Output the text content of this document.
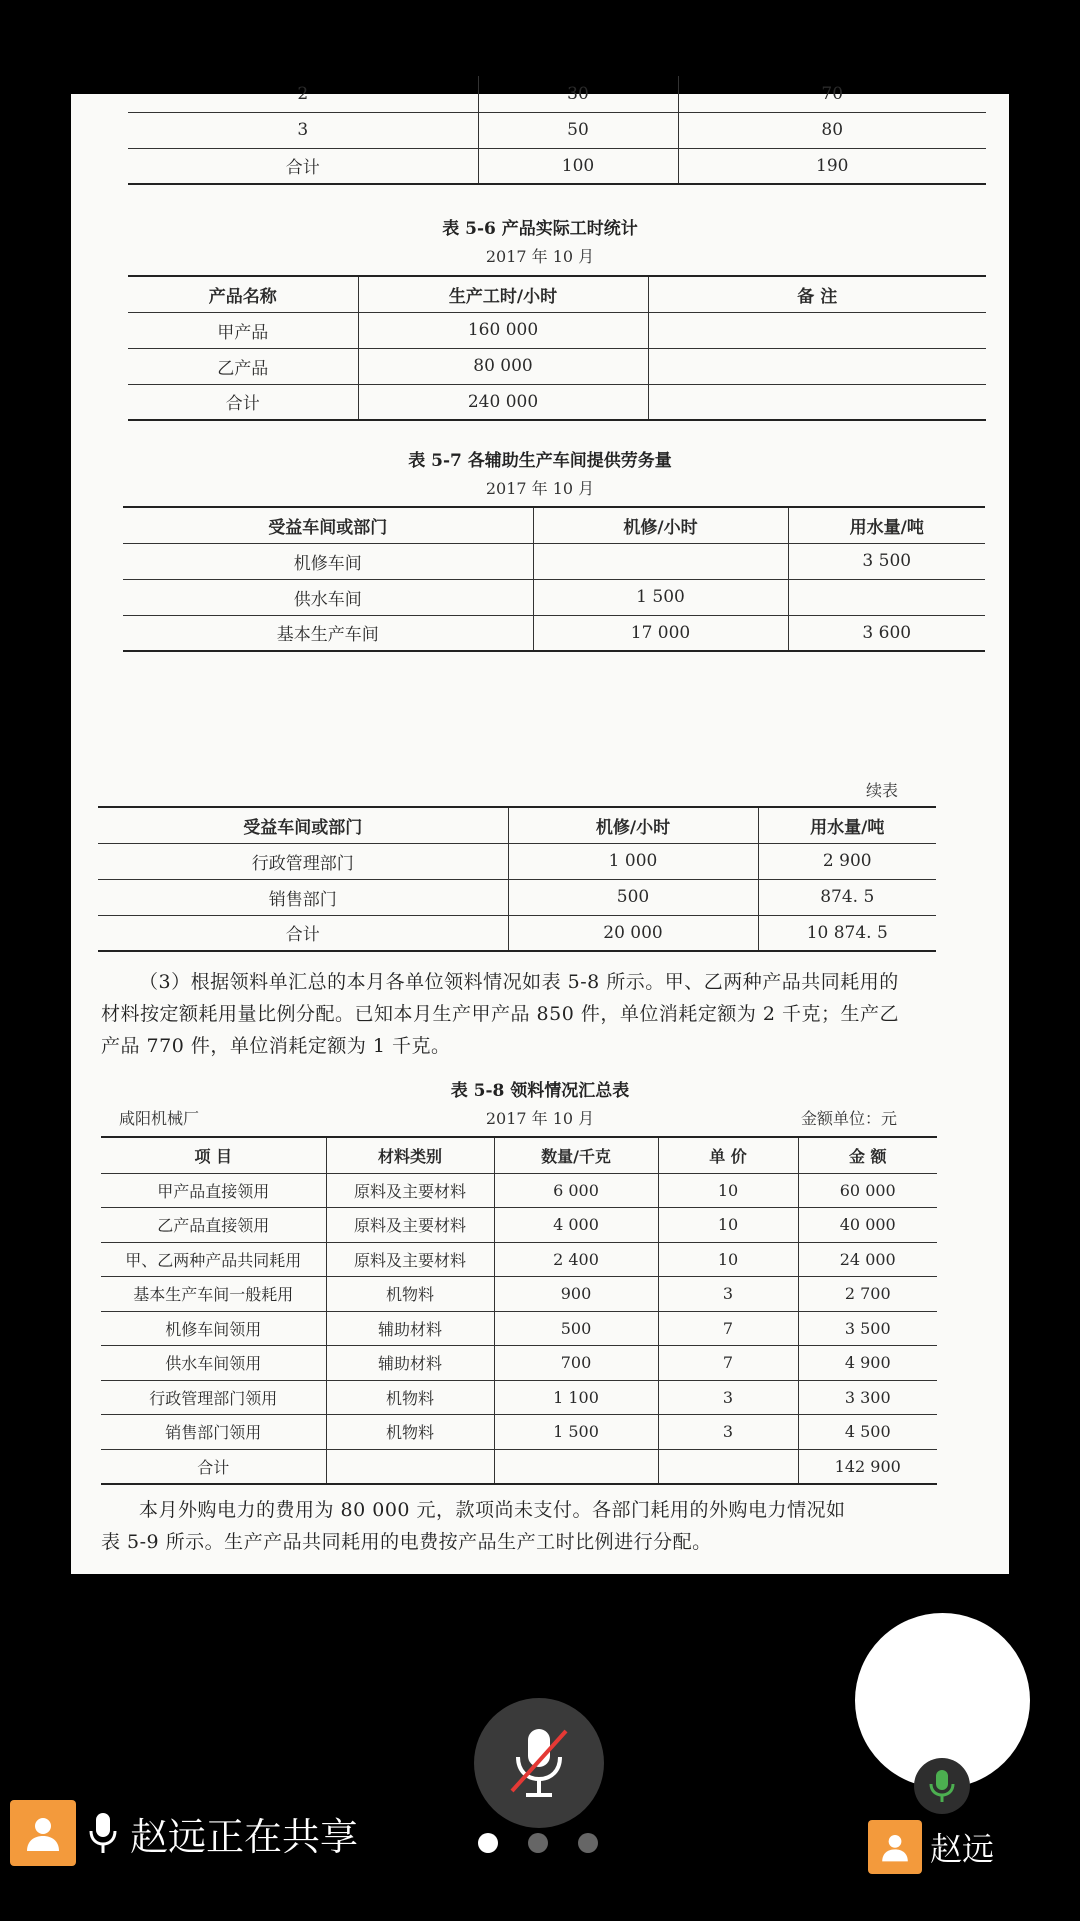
2	30	70
3	50	80
合计	100	190
表 5-6 产品实际工时统计
2017 年 10 月
产品名称	生产工时/小时	备 注
甲产品	160 000	
乙产品	80 000	
合计	240 000	
表 5-7 各辅助生产车间提供劳务量
2017 年 10 月
受益车间或部门	机修/小时	用水量/吨
机修车间		3 500
供水车间	1 500	
基本生产车间	17 000	3 600
续表
受益车间或部门	机修/小时	用水量/吨
行政管理部门	1 000	2 900
销售部门	500	874. 5
合计	20 000	10 874. 5
（3）根据领料单汇总的本月各单位领料情况如表 5-8 所示。甲、乙两种产品共同耗用的
材料按定额耗用量比例分配。已知本月生产甲产品 850 件，单位消耗定额为 2 千克；生产乙
产品 770 件，单位消耗定额为 1 千克。
表 5-8 领料情况汇总表
咸阳机械厂	2017 年 10 月	金额单位：元
项 目	材料类别	数量/千克	单 价	金 额
甲产品直接领用	原料及主要材料	6 000	10	60 000
乙产品直接领用	原料及主要材料	4 000	10	40 000
甲、乙两种产品共同耗用	原料及主要材料	2 400	10	24 000
基本生产车间一般耗用	机物料	900	3	2 700
机修车间领用	辅助材料	500	7	3 500
供水车间领用	辅助材料	700	7	4 900
行政管理部门领用	机物料	1 100	3	3 300
销售部门领用	机物料	1 500	3	4 500
合计				142 900
本月外购电力的费用为 80 000 元，款项尚未支付。各部门耗用的外购电力情况如
表 5-9 所示。生产产品共同耗用的电费按产品生产工时比例进行分配。
赵远正在共享	赵远
